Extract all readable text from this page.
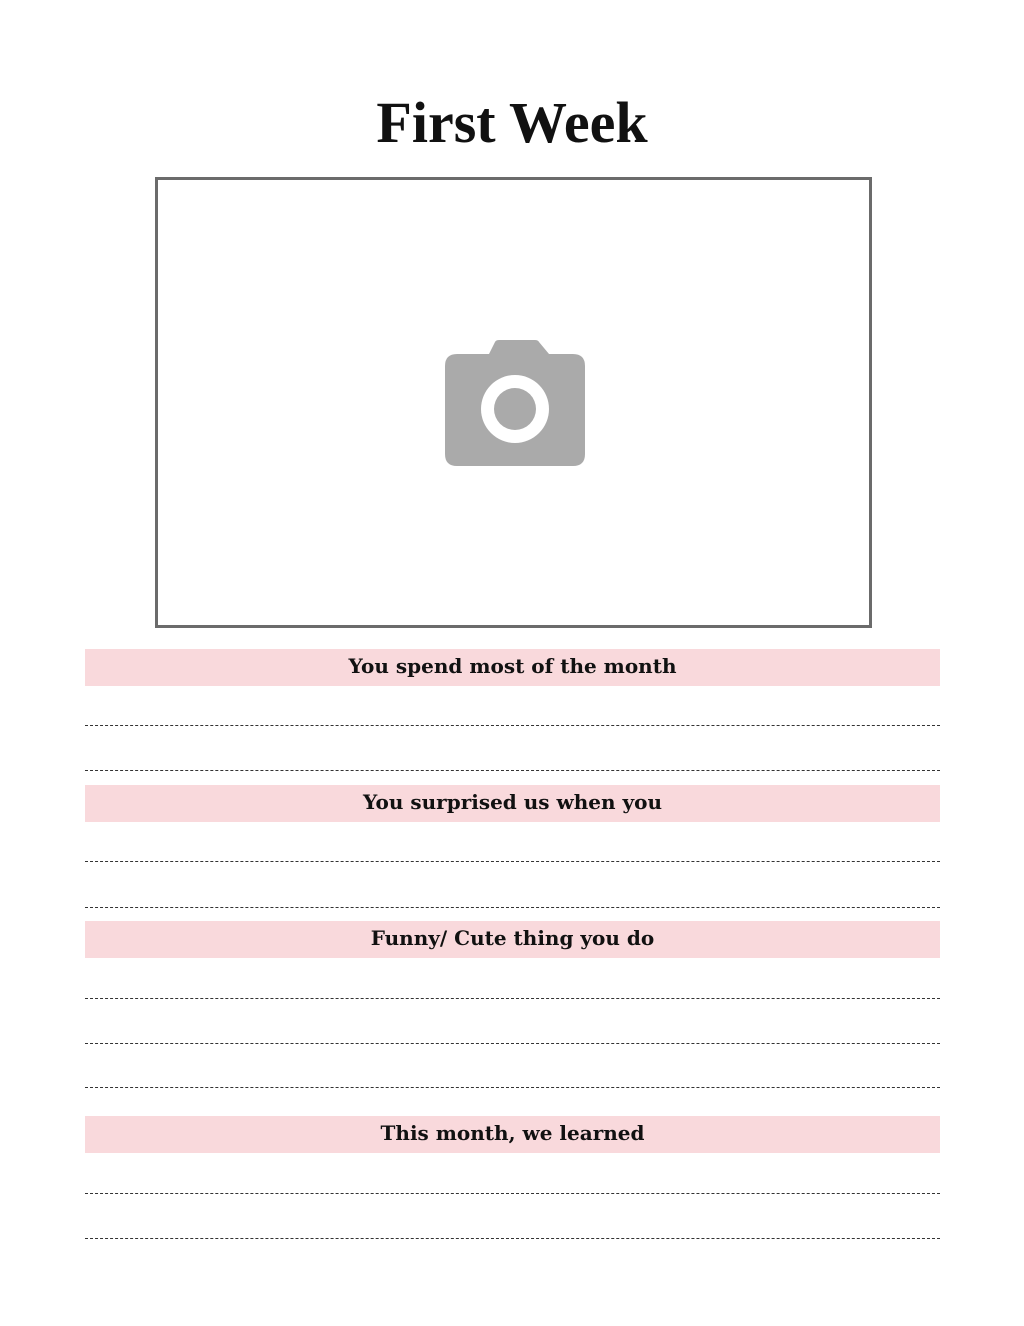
First Week
You spend most of the month
You surprised us when you
Funny/ Cute thing you do
This month, we learned
